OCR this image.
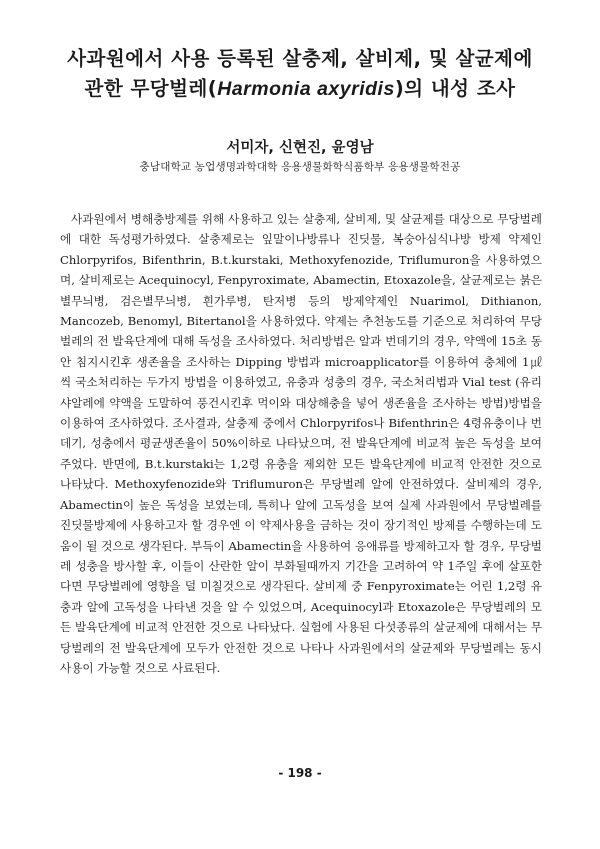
사과원에서 사용 등록된 살충제, 살비제, 및 살균제에
관한 무당벌레(Harmonia axyridis)의 내성 조사
서미자, 신현진, 윤영남
충남대학교 농업생명과학대학 응용생물화학식품학부 응용생물학전공

사과원에서 병해충방제를 위해 사용하고 있는 살충제, 살비제, 및 살균제를 대상으로 무당벌레에 대한 독성평가하였다. 살충제로는 잎말이나방류나 진딧물, 복숭아심식나방 방제 약제인 Chlorpyrifos, Bifenthrin, B.t.kurstaki, Methoxyfenozide, Triflumuron을 사용하였으며, 살비제로는 Acequinocyl, Fenpyroximate, Abamectin, Etoxazole을, 살균제로는 붉은별무늬병, 검은별무늬병, 흰가루병, 탄저병 등의 방제약제인 Nuarimol, Dithianon, Mancozeb, Benomyl, Bitertanol을 사용하였다. 약제는 추천농도를 기준으로 처리하여 무당벌레의 전 발육단계에 대해 독성을 조사하였다. 처리방법은 알과 번데기의 경우, 약액에 15초 동안 침지시킨후 생존율을 조사하는 Dipping 방법과 microapplicator를 이용하여 충체에 1㎕씩 국소처리하는 두가지 방법을 이용하였고, 유충과 성충의 경우, 국소처리법과 Vial test (유리샤알레에 약액을 도말하여 풍건시킨후 먹이와 대상해충을 넣어 생존율을 조사하는 방법)방법을 이용하여 조사하였다. 조사결과, 살충제 중에서 Chlorpyrifos나 Bifenthrin은 4령유충이나 번데기, 성충에서 평균생존율이 50%이하로 나타났으며, 전 발육단계에 비교적 높은 독성을 보여주었다. 반면에, B.t.kurstaki는 1,2령 유충을 제외한 모든 발육단계에 비교적 안전한 것으로 나타났다. Methoxyfenozide와 Triflumuron은 무당벌레 알에 안전하였다. 살비제의 경우, Abamectin이 높은 독성을 보였는데, 특히나 알에 고독성을 보여 실제 사과원에서 무당벌레를 진딧물방제에 사용하고자 할 경우엔 이 약제사용을 금하는 것이 장기적인 방제를 수행하는데 도움이 될 것으로 생각된다. 부득이 Abamectin을 사용하여 응애류를 방제하고자 할 경우, 무당벌레 성충을 방사할 후, 이들이 산란한 알이 부화될때까지 기간을 고려하여 약 1주일 후에 살포한다면 무당벌레에 영향을 덜 미칠것으로 생각된다. 살비제 중 Fenpyroximate는 어린 1,2령 유충과 알에 고독성을 나타낸 것을 알 수 있었으며, Acequinocyl과 Etoxazole은 무당벌레의 모든 발육단계에 비교적 안전한 것으로 나타났다. 실험에 사용된 다섯종류의 살균제에 대해서는 무당벌레의 전 발육단계에 모두가 안전한 것으로 나타나 사과원에서의 살균제와 무당벌레는 동시 사용이 가능할 것으로 사료된다.

- 198 -
